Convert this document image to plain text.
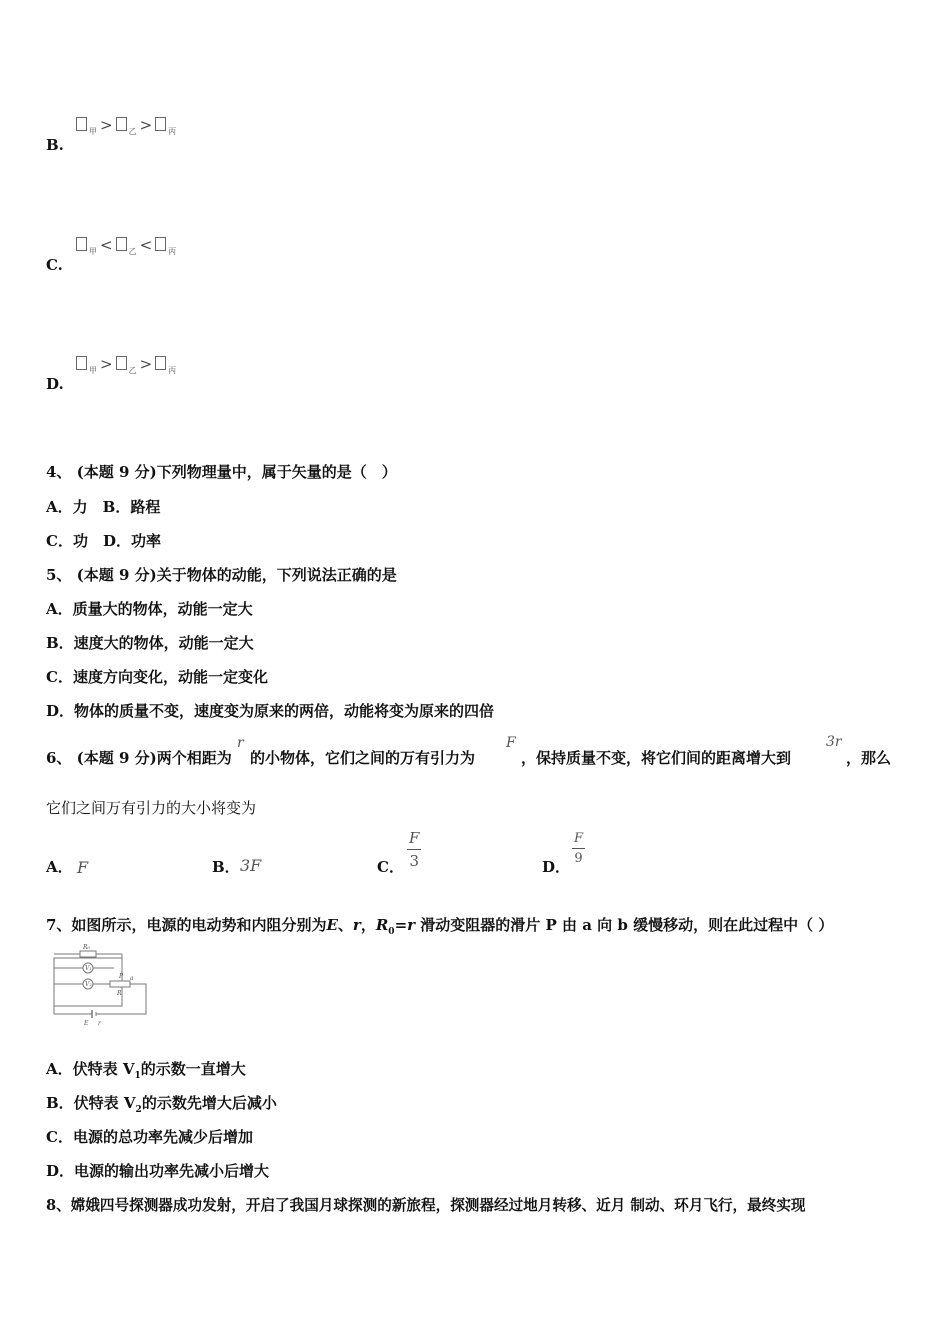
$_甲$ > $_乙$ > $_丙$
B.
$_甲$ < $_乙$ < $_丙$
C.
$_甲$ > $_乙$ > $_丙$
D.
4、 (本题 9 分)下列物理量中，属于矢量的是（　）
A．力　B．路程
C．功　D．功率
5、 (本题 9 分)关于物体的动能，下列说法正确的是
A．质量大的物体，动能一定大
B．速度大的物体，动能一定大
C．速度方向变化，动能一定变化
D．物体的质量不变，速度变为原来的两倍，动能将变为原来的四倍
6、 (本题 9 分)两个相距为
r
的小物体，它们之间的万有引力为
F
，保持质量不变，将它们间的距离增大到
3r
，那么
它们之间万有引力的大小将变为
A． F	B． 3F	C． $\frac{F}{3}$	D．
$\frac{F}{9}$
7、如图所示，电源的电动势和内阻分别为E、r，$R_0=r$ 滑动变阻器的滑片 P 由 a 向 b 缓慢移动，则在此过程中（ ）
R₀
V₁
V₂
P a
R
E r
A．伏特表 $V_1$的示数一直增大
B．伏特表 $V_2$的示数先增大后减小
C．电源的总功率先减少后增加
D．电源的输出功率先减小后增大
8、嫦娥四号探测器成功发射，开启了我国月球探测的新旅程，探测器经过地月转移、近月 制动、环月飞行，最终实现
